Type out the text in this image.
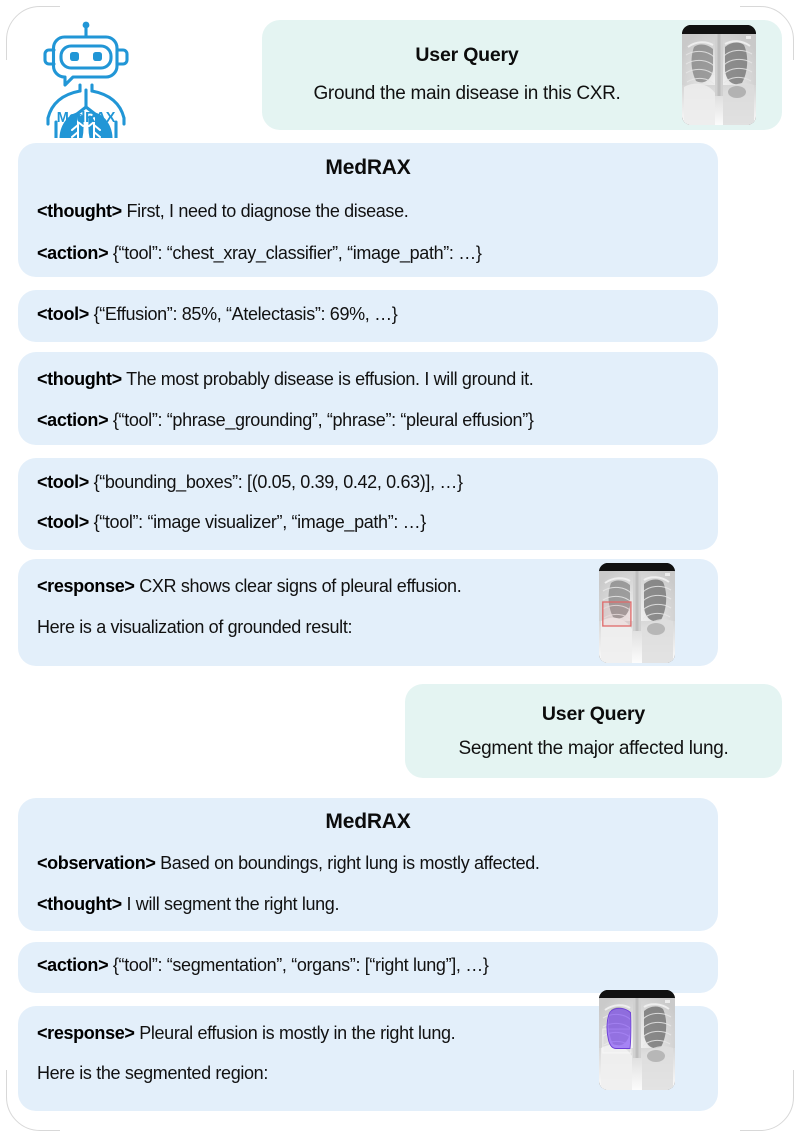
MedRAX
User Query
Ground the main disease in this CXR.
MedRAX
<thought> First, I need to diagnose the disease.
<action> {“tool”: “chest_xray_classifier”, “image_path”: …}
<tool> {“Effusion”: 85%, “Atelectasis”: 69%, …}
<thought> The most probably disease is effusion. I will ground it.
<action> {“tool”: “phrase_grounding”, “phrase”: “pleural effusion”}
<tool> {“bounding_boxes”: [(0.05, 0.39, 0.42, 0.63)], …}
<tool> {“tool”: “image visualizer”, “image_path”: …}
<response> CXR shows clear signs of pleural effusion.
Here is a visualization of grounded result:
User Query
Segment the major affected lung.
MedRAX
<observation> Based on boundings, right lung is mostly affected.
<thought> I will segment the right lung.
<action> {“tool”: “segmentation”, “organs”: [“right lung”], …}
<response> Pleural effusion is mostly in the right lung.
Here is the segmented region:
